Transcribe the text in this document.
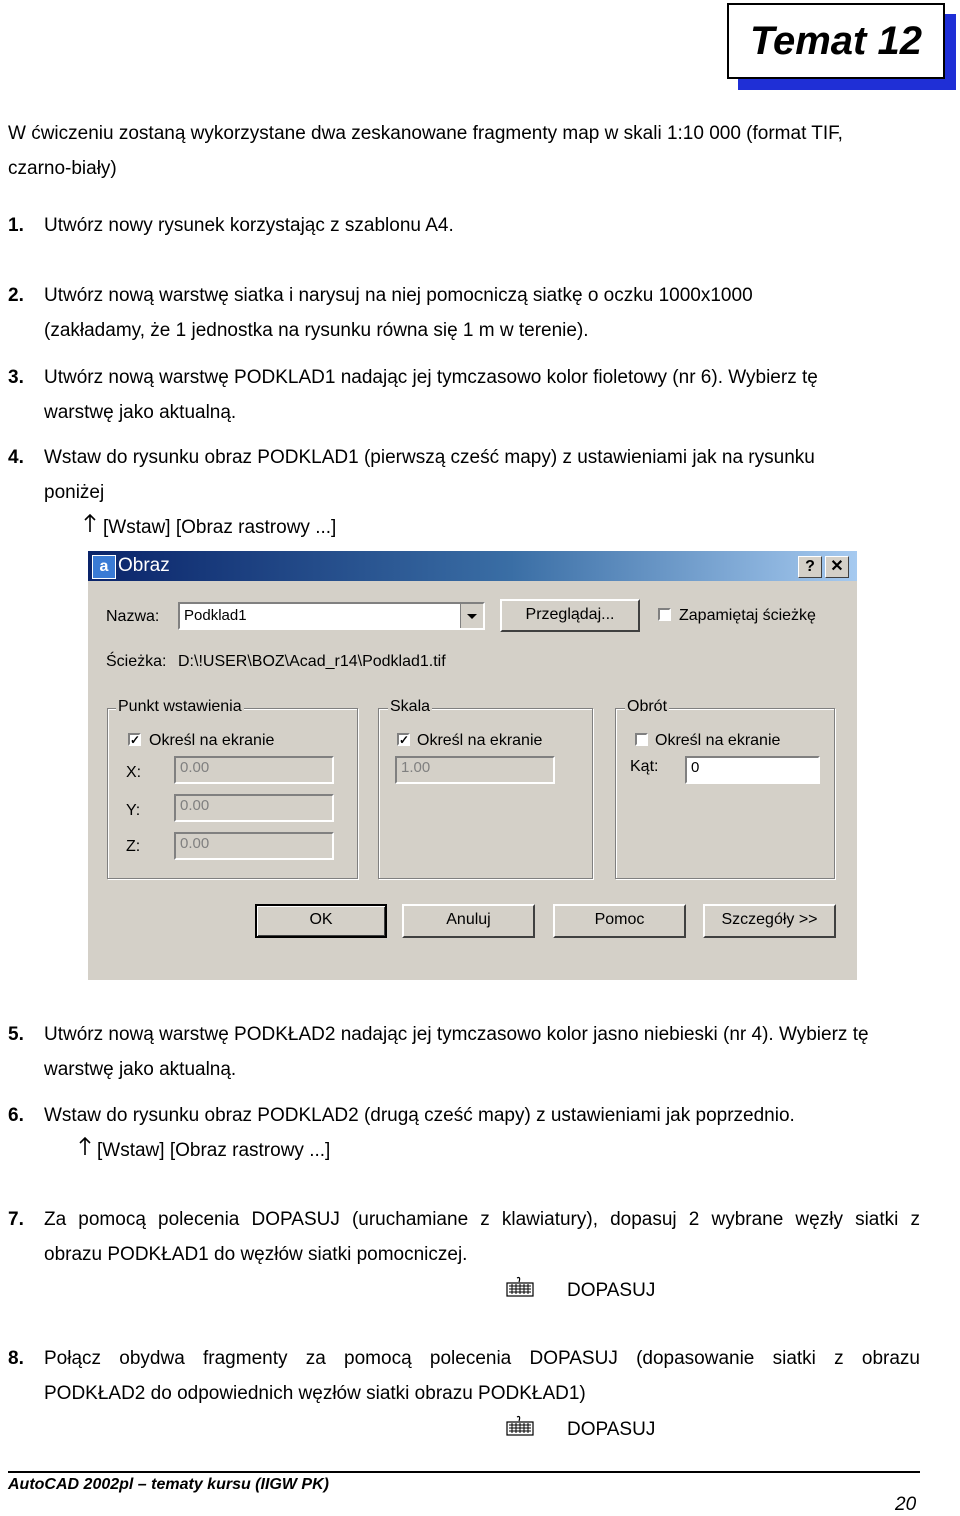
Temat 12
W ćwiczeniu zostaną wykorzystane dwa zeskanowane fragmenty map w skali 1:10 000 (format TIF,
czarno-biały)
1. Utwórz nowy rysunek korzystając z szablonu A4.
2. Utwórz nową warstwę siatka i narysuj na niej pomocniczą siatkę o oczku 1000x1000
(zakładamy, że 1 jednostka na rysunku równa się 1 m w terenie).
3. Utwórz nową warstwę PODKLAD1 nadając jej tymczasowo kolor fioletowy (nr 6). Wybierz tę
warstwę jako aktualną.
4. Wstaw do rysunku obraz PODKLAD1 (pierwszą cześć mapy) z ustawieniami jak na rysunku
poniżej
[Wstaw] [Obraz rastrowy ...]
a Obraz	? ✕
Nazwa:	Podklad1	Przeglądaj...	Zapamiętaj ścieżkę
Ścieżka: D:\!USER\BOZ\Acad_r14\Podklad1.tif
Punkt wstawienia
✓ Określ na ekranie
X:	0.00
Y:	0.00
Z:	0.00
Skala
✓ Określ na ekranie
1.00
Obrót
Określ na ekranie
Kąt:	0
OK	Anuluj	Pomoc	Szczegóły >>
5. Utwórz nową warstwę PODKŁAD2 nadając jej tymczasowo kolor jasno niebieski (nr 4). Wybierz tę
warstwę jako aktualną.
6. Wstaw do rysunku obraz PODKLAD2 (drugą cześć mapy) z ustawieniami jak poprzednio.
[Wstaw] [Obraz rastrowy ...]
7. Za pomocą polecenia DOPASUJ (uruchamiane z klawiatury), dopasuj 2 wybrane węzły siatki z
obrazu PODKŁAD1 do węzłów siatki pomocniczej.
DOPASUJ
8. Połącz obydwa fragmenty za pomocą polecenia DOPASUJ (dopasowanie siatki z obrazu
PODKŁAD2 do odpowiednich węzłów siatki obrazu PODKŁAD1)
DOPASUJ
AutoCAD 2002pl – tematy kursu (IIGW PK)
20
